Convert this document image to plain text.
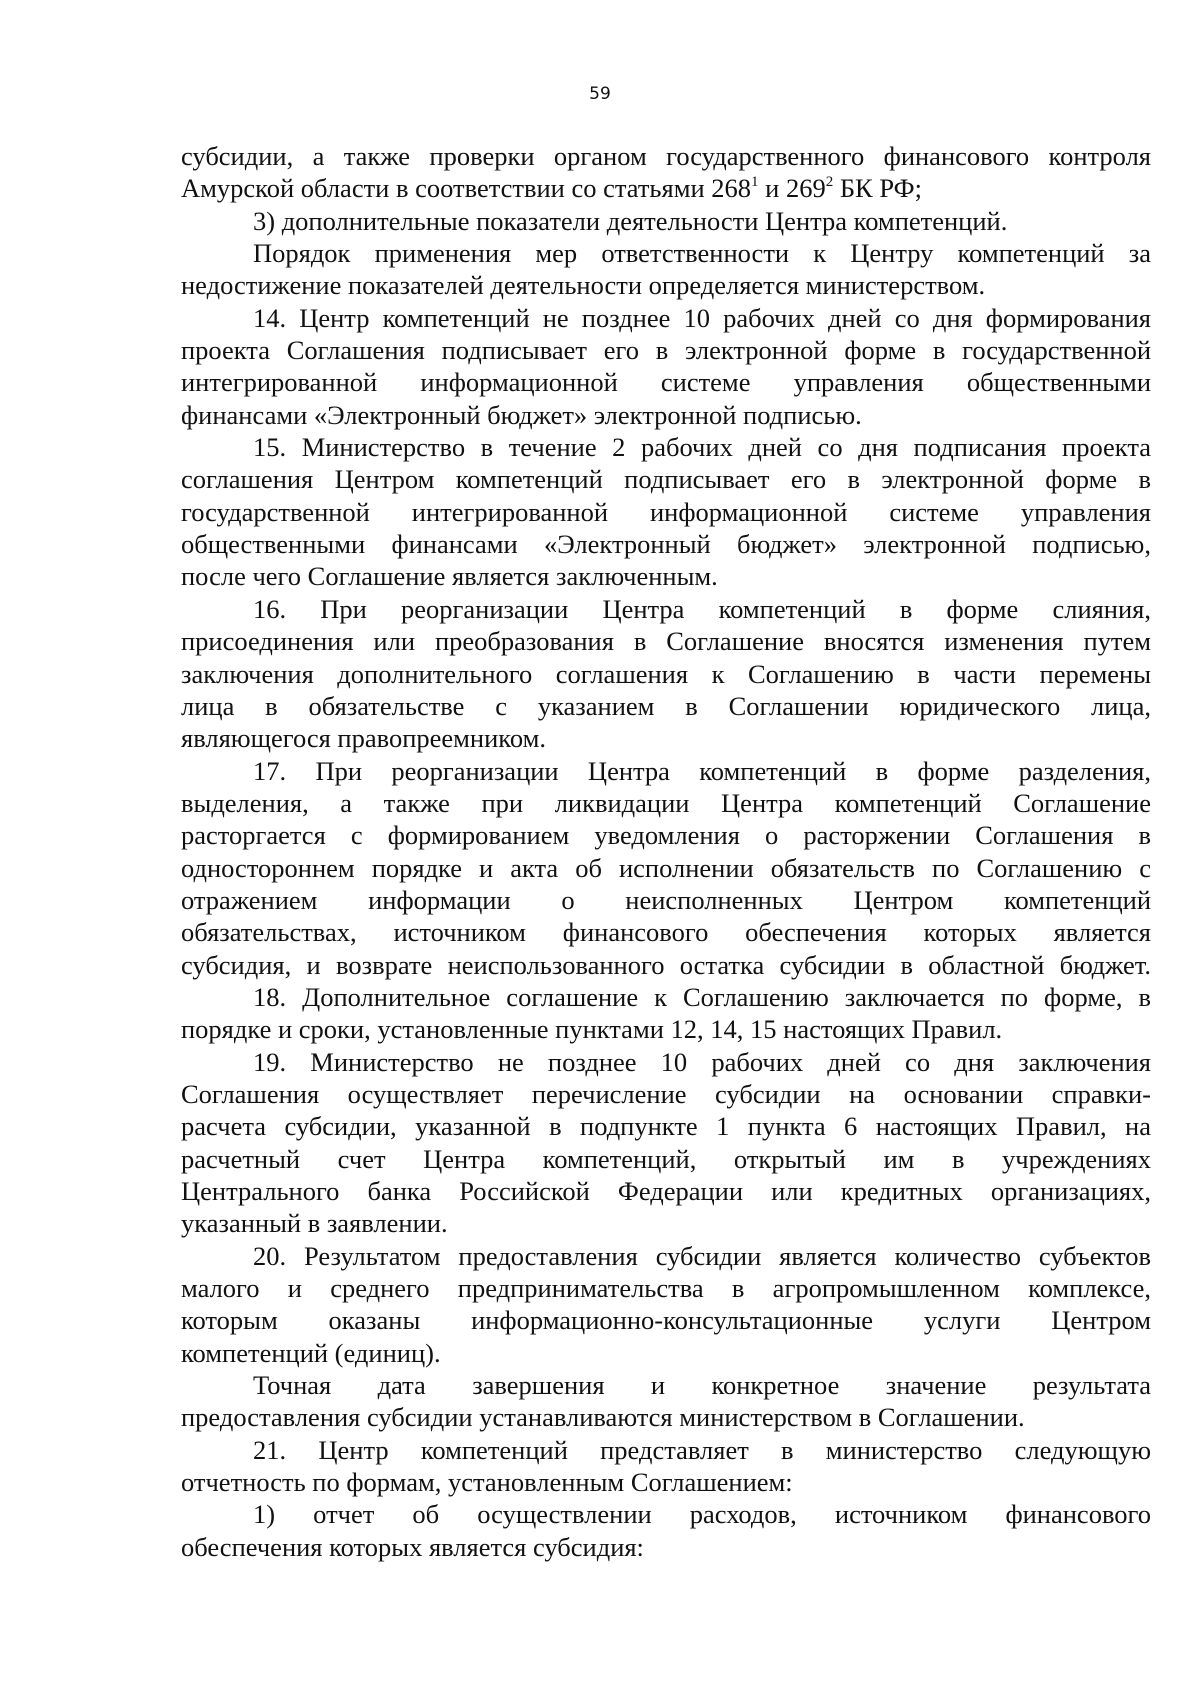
59
субсидии, а также проверки органом государственного финансового контроля
Амурской области в соответствии со статьями $268^1$ и $269^2$ БК РФ;
3) дополнительные показатели деятельности Центра компетенций.
Порядок применения мер ответственности к Центру компетенций за
недостижение показателей деятельности определяется министерством.
14. Центр компетенций не позднее 10 рабочих дней со дня формирования
проекта Соглашения подписывает его в электронной форме в государственной
интегрированной информационной системе управления общественными
финансами «Электронный бюджет» электронной подписью.
15. Министерство в течение 2 рабочих дней со дня подписания проекта
соглашения Центром компетенций подписывает его в электронной форме в
государственной интегрированной информационной системе управления
общественными финансами «Электронный бюджет» электронной подписью,
после чего Соглашение является заключенным.
16. При реорганизации Центра компетенций в форме слияния,
присоединения или преобразования в Соглашение вносятся изменения путем
заключения дополнительного соглашения к Соглашению в части перемены
лица в обязательстве с указанием в Соглашении юридического лица,
являющегося правопреемником.
17. При реорганизации Центра компетенций в форме разделения,
выделения, а также при ликвидации Центра компетенций Соглашение
расторгается с формированием уведомления о расторжении Соглашения в
одностороннем порядке и акта об исполнении обязательств по Соглашению с
отражением информации о неисполненных Центром компетенций
обязательствах, источником финансового обеспечения которых является
субсидия, и возврате неиспользованного остатка субсидии в областной бюджет.
18. Дополнительное соглашение к Соглашению заключается по форме, в
порядке и сроки, установленные пунктами 12, 14, 15 настоящих Правил.
19. Министерство не позднее 10 рабочих дней со дня заключения
Соглашения осуществляет перечисление субсидии на основании справки-
расчета субсидии, указанной в подпункте 1 пункта 6 настоящих Правил, на
расчетный счет Центра компетенций, открытый им в учреждениях
Центрального банка Российской Федерации или кредитных организациях,
указанный в заявлении.
20. Результатом предоставления субсидии является количество субъектов
малого и среднего предпринимательства в агропромышленном комплексе,
которым оказаны информационно-консультационные услуги Центром
компетенций (единиц).
Точная дата завершения и конкретное значение результата
предоставления субсидии устанавливаются министерством в Соглашении.
21. Центр компетенций представляет в министерство следующую
отчетность по формам, установленным Соглашением:
1) отчет об осуществлении расходов, источником финансового
обеспечения которых является субсидия:
